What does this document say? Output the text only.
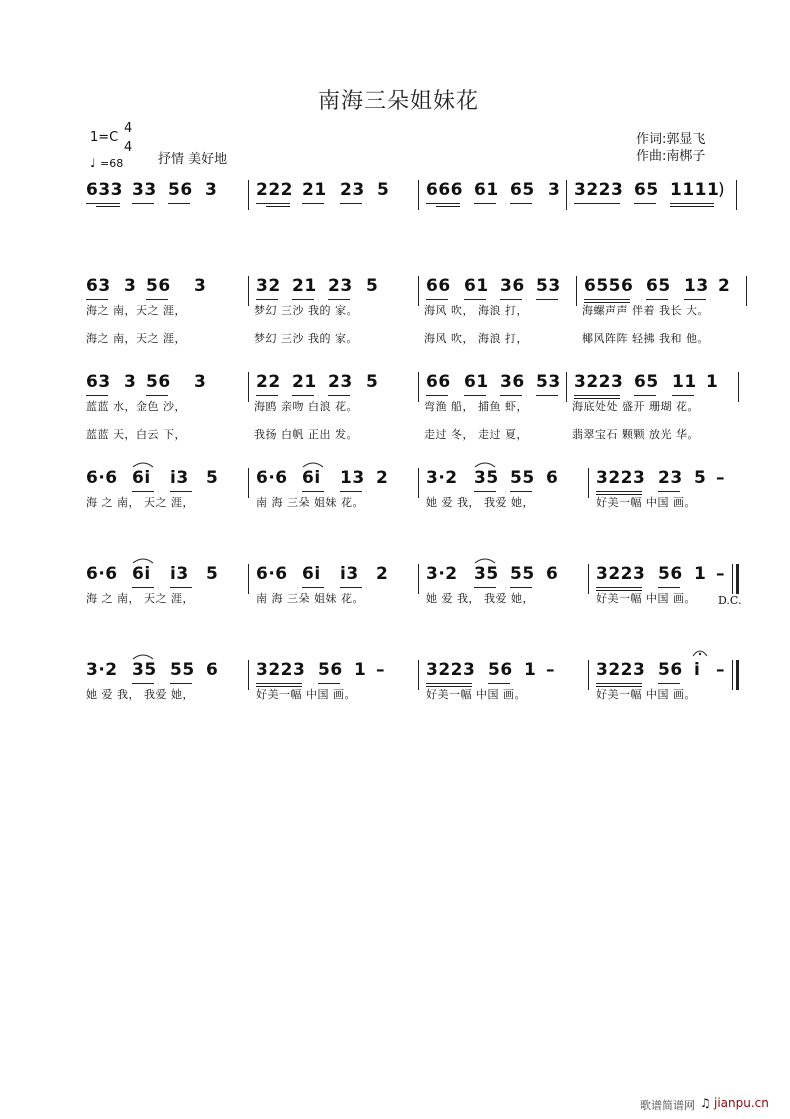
南海三朵姐妹花
1=C
4
4
♩ =68	抒情 美好地
作词:郭显飞
作曲:南梆子
633 33 56 3 222 21 23 5 666 61 65 3 3223 65 1111
)
63 3 56 3	32 21 23 5	66 61 36 53 6556 65 13 2
海之 南，天之 涯，	梦幻 三沙 我的 家。	海风 吹， 海浪 打，	海螺声声 伴着 我长 大。
海之 南，天之 涯，	梦幻 三沙 我的 家。	海风 吹， 海浪 打，	椰风阵阵 轻拂 我和 他。
63 3 56 3	22 21 23 5	66 61 36 53 3223 65 11 1
蓝蓝 水，金色 沙，	海鸥 亲吻 白浪 花。	弯渔 船， 捕鱼 虾，	海底处处 盛开 珊瑚 花。
蓝蓝 天，白云 下，	我扬 白帆 正出 发。	走过 冬， 走过 夏，	翡翠宝石 颗颗 放光 华。
6·6 6i i3 5 6·6 6i 13 2 3·2 35 55 6 3223 23 5 –
海 之 南， 天之 涯，	南 海 三朵 姐妹 花。	她 爱 我， 我爱 她，	好美一幅 中国 画。
6·6 6i i3 5 6·6 6i i3 2 3·2 35 55 6 3223 56 1 –
D.C.
海 之 南， 天之 涯，	南 海 三朵 姐妹 花。	她 爱 我， 我爱 她，	好美一幅 中国 画。
3·2 35 55 6 3223 56 1 – 3223 56 1 – 3223 56 i –
她 爱 我， 我爱 她，	好美一幅 中国 画。	好美一幅 中国 画。	好美一幅 中国 画。
歌谱简谱网 ♫ jianpu.cn
